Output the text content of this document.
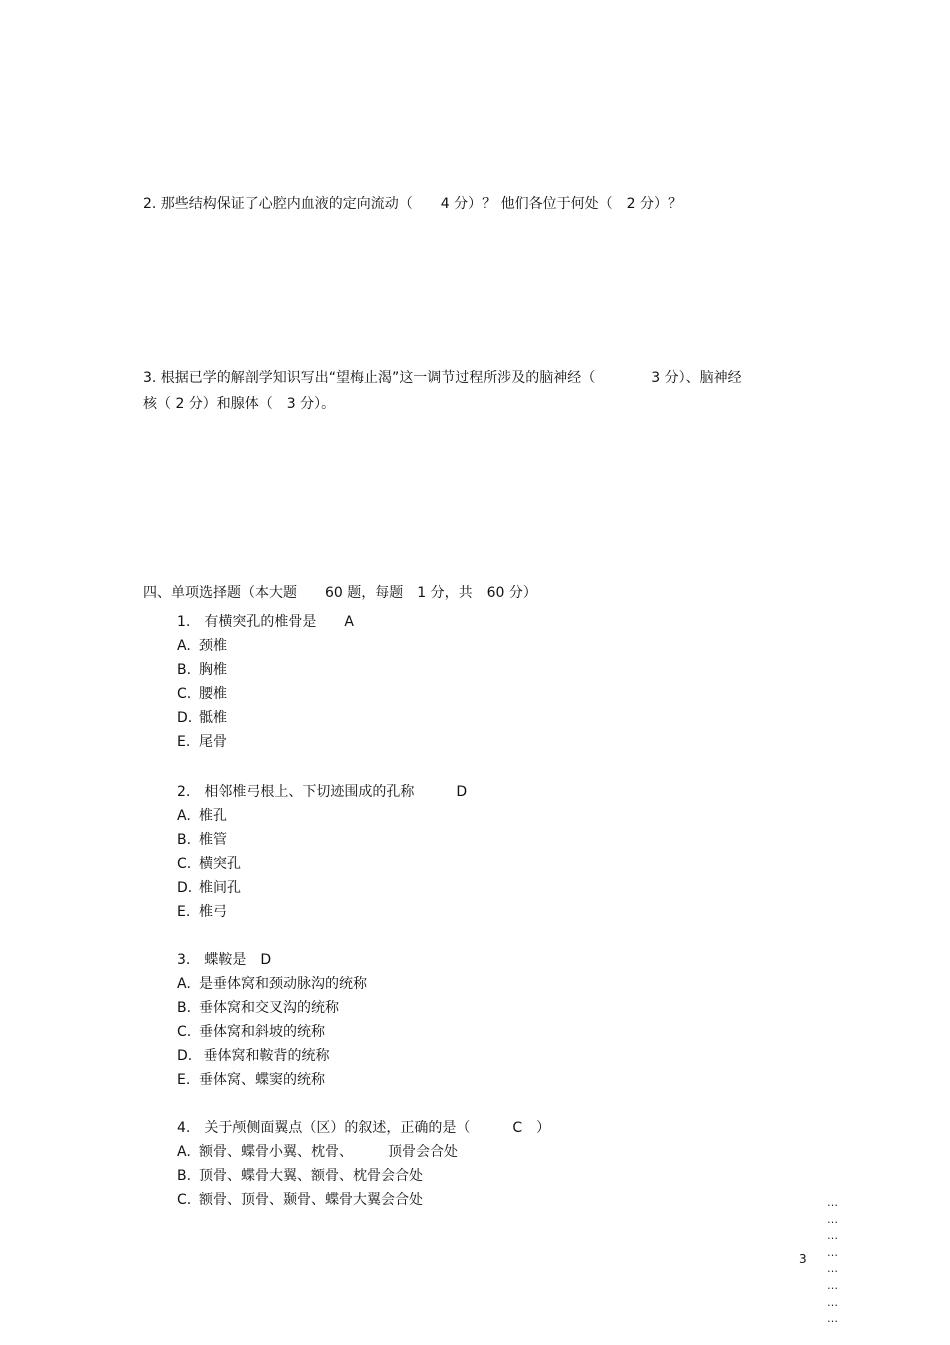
2. 那些结构保证了心腔内血液的定向流动（　　4 分）？ 他们各位于何处（　2 分）？
3. 根据已学的解剖学知识写出“望梅止渴”这一调节过程所涉及的脑神经（　　　　3 分）、脑神经
核（ 2 分）和腺体（　3 分）。
四、单项选择题（本大题　　60 题，每题　1 分，共　60 分）
1.　有横突孔的椎骨是　　A
A. 颈椎
B. 胸椎
C. 腰椎
D. 骶椎
E. 尾骨
2.　相邻椎弓根上、下切迹围成的孔称　　　D
A. 椎孔
B. 椎管
C. 横突孔
D. 椎间孔
E. 椎弓
3.　蝶鞍是　D
A. 是垂体窝和颈动脉沟的统称
B. 垂体窝和交叉沟的统称
C. 垂体窝和斜坡的统称
D. 垂体窝和鞍背的统称
E. 垂体窝、蝶窦的统称
4.　关于颅侧面翼点（区）的叙述，正确的是（　　　C　）
A. 额骨、蝶骨小翼、枕骨、　　　顶骨会合处
B. 顶骨、蝶骨大翼、额骨、枕骨会合处
C. 额骨、顶骨、颞骨、蝶骨大翼会合处
3
…
…
…
…
…
…
…
…
